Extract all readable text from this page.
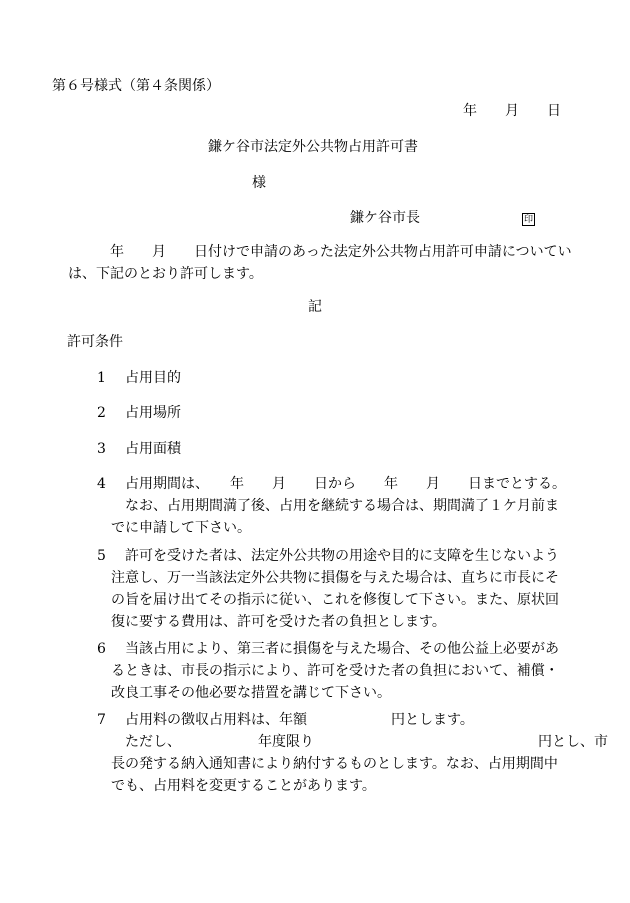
第６号様式（第４条関係）
年　　月　　日
鎌ケ谷市法定外公共物占用許可書
様
鎌ケ谷市長	印
年　　月　　日付けで申請のあった法定外公共物占用許可申請についてい
は、下記のとおり許可します。
記
許可条件
1	占用目的
2	占用場所
3	占用面積
4	占用期間は、　　年　　月　　日から　　年　　月　　日までとする。
　なお、占用期間満了後、占用を継続する場合は、期間満了１ケ月前ま
でに申請して下さい。
5	許可を受けた者は、法定外公共物の用途や目的に支障を生じないよう
注意し、万一当該法定外公共物に損傷を与えた場合は、直ちに市長にそ
の旨を届け出てその指示に従い、これを修復して下さい。また、原状回
復に要する費用は、許可を受けた者の負担とします。
6	当該占用により、第三者に損傷を与えた場合、その他公益上必要があ
るときは、市長の指示により、許可を受けた者の負担において、補償・
改良工事その他必要な措置を講じて下さい。
7	占用料の徴収占用料は、年額　　　　　　円とします。
　ただし、　　　　　　年度限り　　　　　　　　　　　　　　　　円とし、市
長の発する納入通知書により納付するものとします。なお、占用期間中
でも、占用料を変更することがあります。
